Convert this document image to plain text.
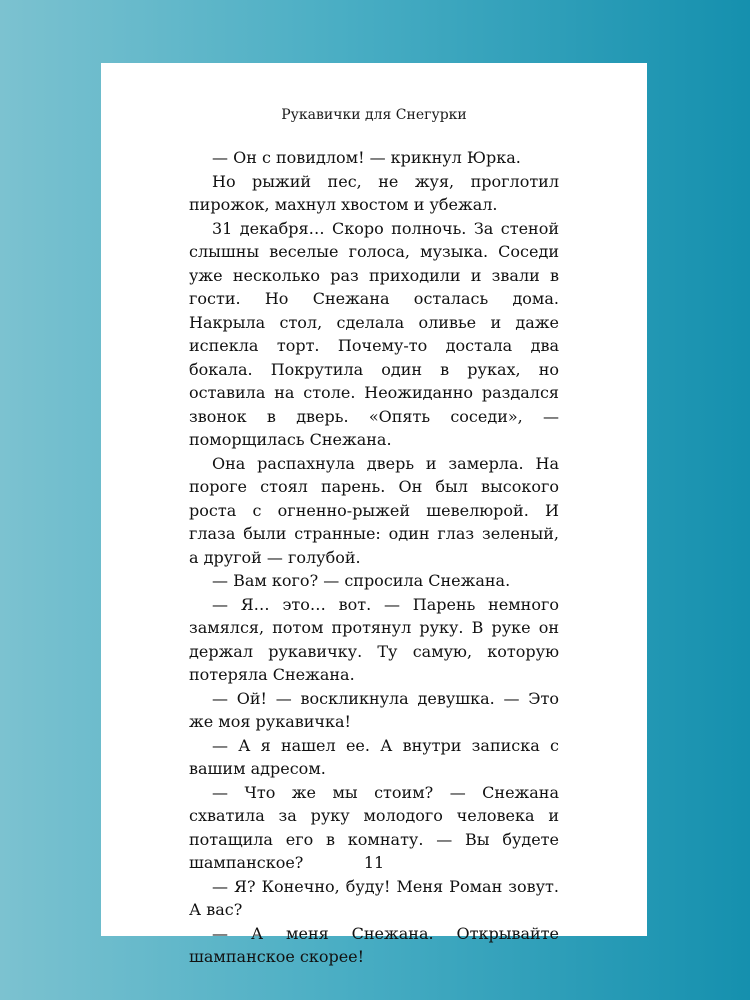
Рукавички для Снегурки

— Он с повидлом! — крикнул Юрка.

Но рыжий пес, не жуя, проглотил пирожок, махнул хвостом и убежал.

31 декабря… Скоро полночь. За стеной слышны веселые голоса, музыка. Соседи уже несколько раз приходили и звали в гости. Но Снежана осталась дома. Накрыла стол, сделала оливье и даже испекла торт. Почему-то достала два бокала. Покрутила один в руках, но оставила на столе. Неожиданно раздался звонок в дверь. «Опять соседи», — поморщилась Снежана.

Она распахнула дверь и замерла. На пороге стоял парень. Он был высокого роста с огненно-рыжей шевелюрой. И глаза были странные: один глаз зеленый, а другой — голубой.

— Вам кого? — спросила Снежана.

— Я… это… вот. — Парень немного замялся, потом протянул руку. В руке он держал рукавичку. Ту самую, которую потеряла Снежана.

— Ой! — воскликнула девушка. — Это же моя рукавичка!

— А я нашел ее. А внутри записка с вашим адресом.

— Что же мы стоим? — Снежана схватила за руку молодого человека и потащила его в комнату. — Вы будете шампанское?

— Я? Конечно, буду! Меня Роман зовут. А вас?

— А меня Снежана. Открывайте шампанское скорее!

11
